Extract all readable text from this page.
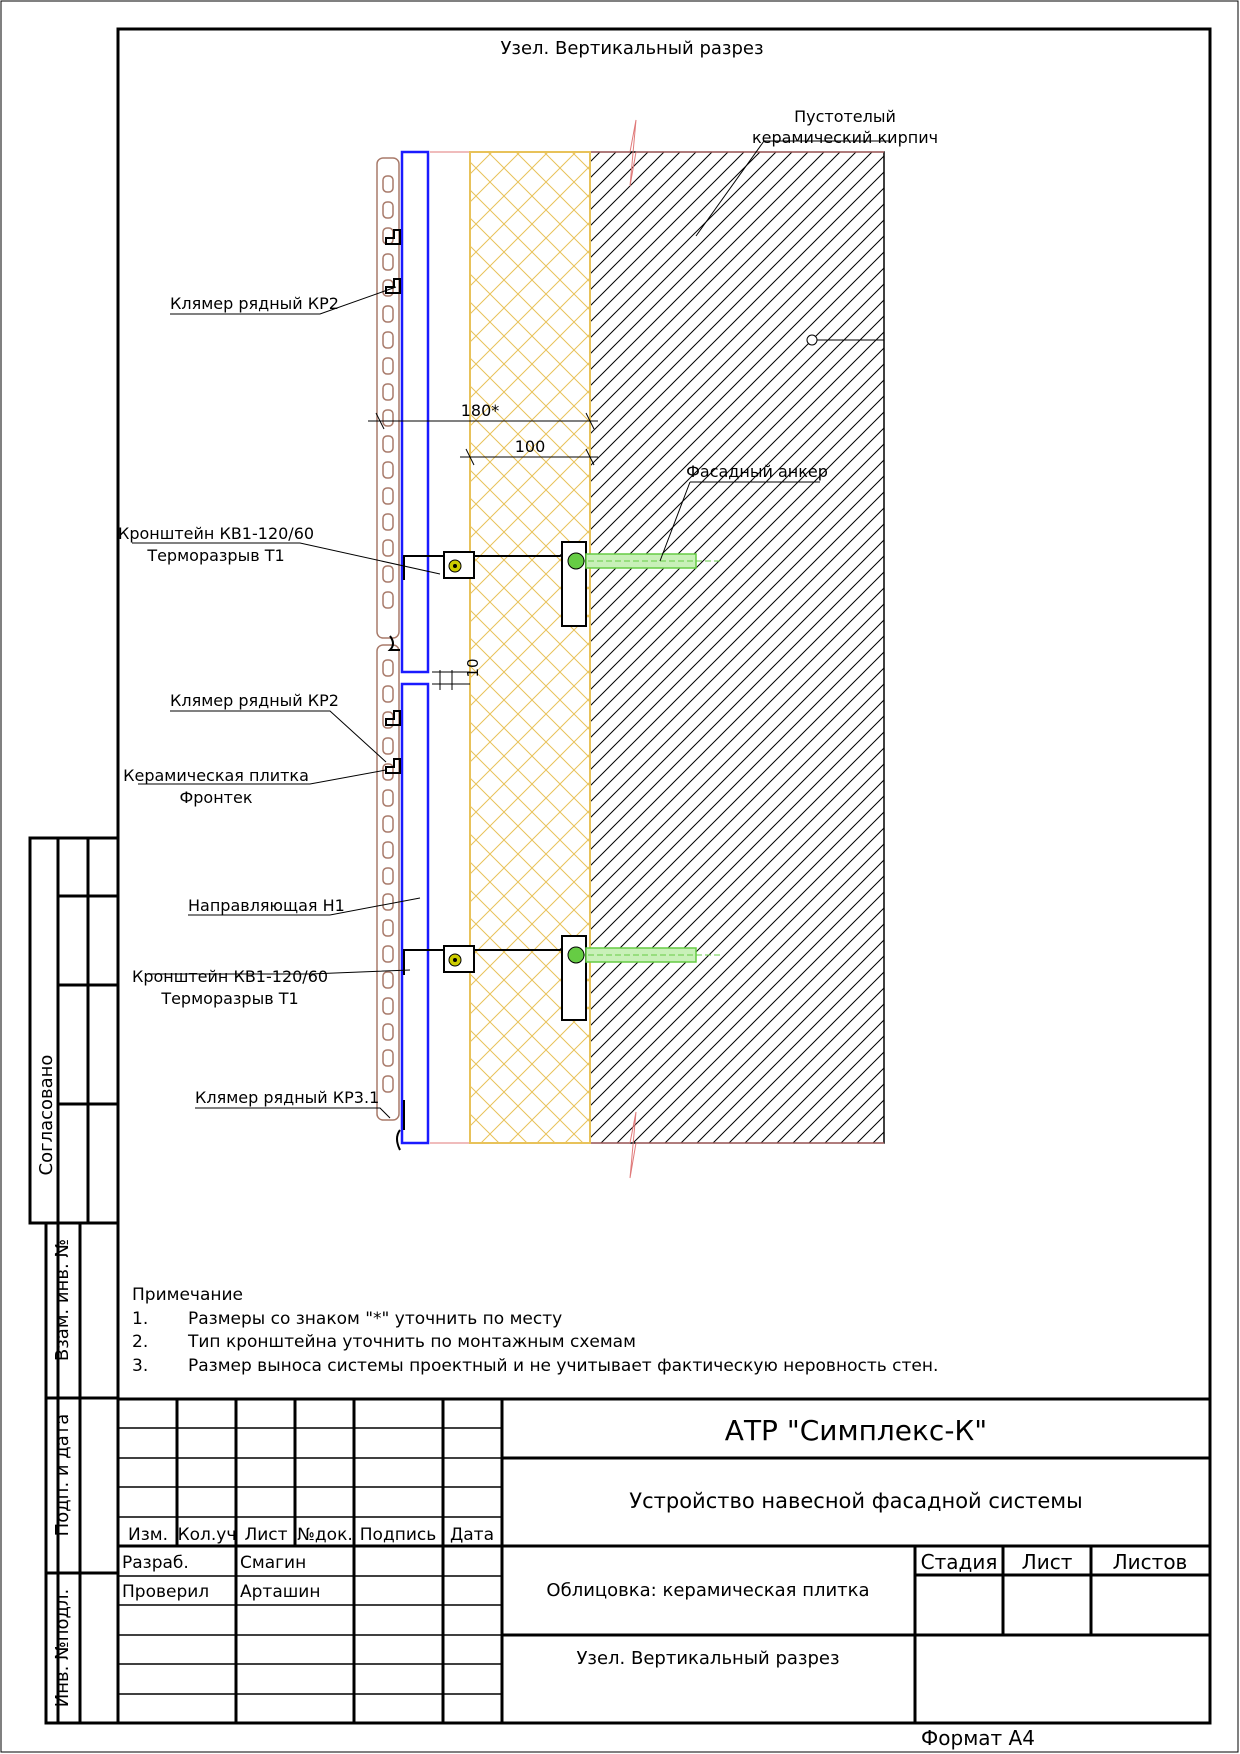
Узел. Вертикальный разрез
180*
100
10
Пустотелый
керамический кирпич
Клямер рядный КР2
Кронштейн КВ1-120/60
Терморазрыв Т1
Фасадный анкер
Клямер рядный КР2
Керамическая плитка
Фронтек
Направляющая Н1
Кронштейн КВ1-120/60
Терморазрыв Т1
Клямер рядный КР3.1
Примечание
1. Размеры со знаком "*" уточнить по месту
2. Тип кронштейна уточнить по монтажным схемам
3. Размер выноса системы проектный и не учитывает фактическую неровность стен.
Согласовано
Взам. инв. №
Подп. и дата
Инв. №подл.
Изм. Кол.уч Лист №док. Подпись Дата
Разраб.	Смагин
Проверил Арташин
АТР "Симплекс-К"
Устройство навесной фасадной системы
Облицовка: керамическая плитка
Узел. Вертикальный разрез
Стадия Лист Листов
Формат А4
